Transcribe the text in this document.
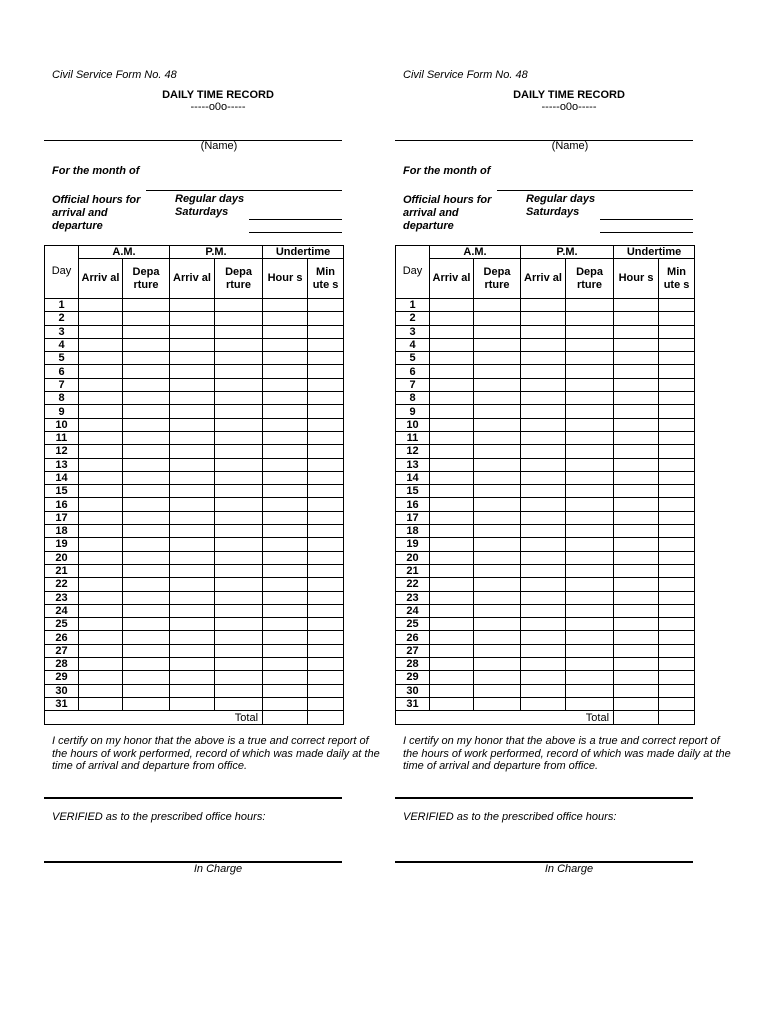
Civil Service Form No. 48
DAILY TIME RECORD
-----o0o-----
(Name)
For the month of
Official hours for arrival and departure
Regular days
Saturdays
	A.M.		P.M.		Undertime	
Day	Arriv al	Depa rture	Arriv al	Depa rture	Hour s	Min ute s
1						
2						
3						
4						
5						
6						
7						
8						
9						
10						
11						
12						
13						
14						
15						
16						
17						
18						
19						
20						
21						
22						
23						
24						
25						
26						
27						
28						
29						
30						
31						
Total						
I certify on my honor that the above is a true and correct report of the hours of work performed, record of which was made daily at the time of arrival and departure from office.
VERIFIED as to the prescribed office hours:
In Charge
Civil Service Form No. 48
DAILY TIME RECORD
-----o0o-----
(Name)
For the month of
Official hours for arrival and departure
Regular days
Saturdays
	A.M.		P.M.		Undertime	
Day	Arriv al	Depa rture	Arriv al	Depa rture	Hour s	Min ute s
1						
2						
3						
4						
5						
6						
7						
8						
9						
10						
11						
12						
13						
14						
15						
16						
17						
18						
19						
20						
21						
22						
23						
24						
25						
26						
27						
28						
29						
30						
31						
Total						
I certify on my honor that the above is a true and correct report of the hours of work performed, record of which was made daily at the time of arrival and departure from office.
VERIFIED as to the prescribed office hours:
In Charge
